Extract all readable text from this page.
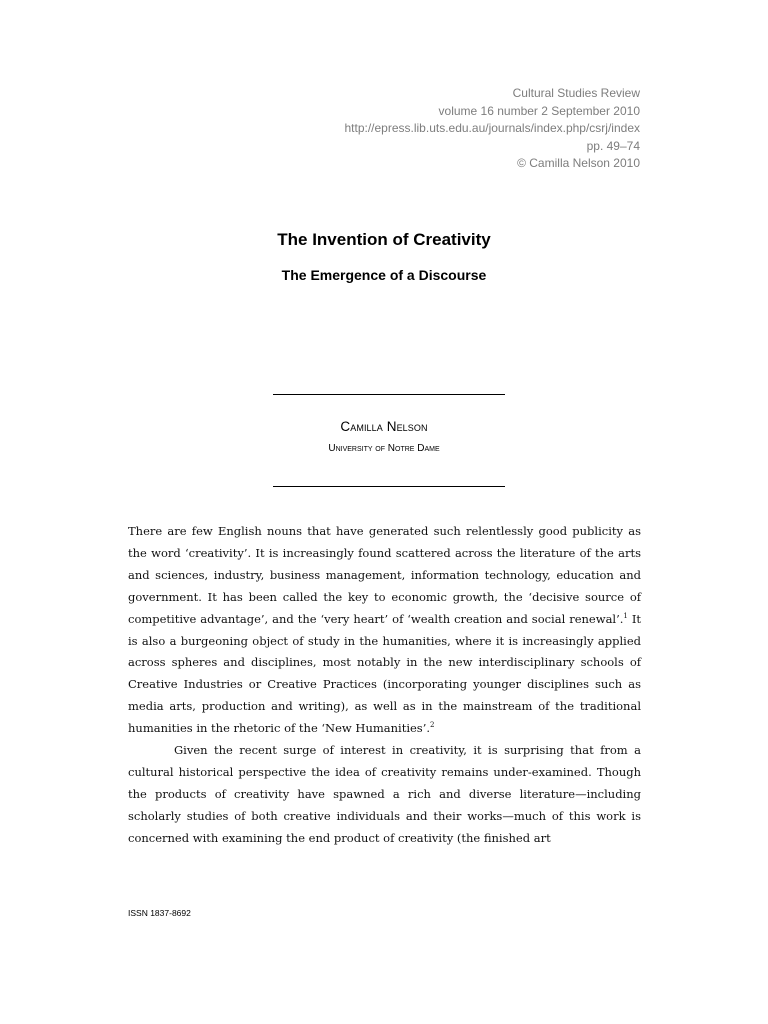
Cultural Studies Review
volume 16 number 2 September 2010
http://epress.lib.uts.edu.au/journals/index.php/csrj/index
pp. 49–74
© Camilla Nelson 2010
The Invention of Creativity
The Emergence of a Discourse
Camilla Nelson
University of Notre Dame

There are few English nouns that have generated such relentlessly good publicity as the word ‘creativity’. It is increasingly found scattered across the literature of the arts and sciences, industry, business management, information technology, education and government. It has been called the key to economic growth, the ‘decisive source of competitive advantage’, and the ‘very heart’ of ‘wealth creation and social renewal’.$^1$ It is also a burgeoning object of study in the humanities, where it is increasingly applied across spheres and disciplines, most notably in the new interdisciplinary schools of Creative Industries or Creative Practices (incorporating younger disciplines such as media arts, production and writing), as well as in the mainstream of the traditional humanities in the rhetoric of the ‘New Humanities’.$^2$

Given the recent surge of interest in creativity, it is surprising that from a cultural historical perspective the idea of creativity remains under-examined. Though the products of creativity have spawned a rich and diverse literature—including scholarly studies of both creative individuals and their works—much of this work is concerned with examining the end product of creativity (the finished art

ISSN 1837-8692
